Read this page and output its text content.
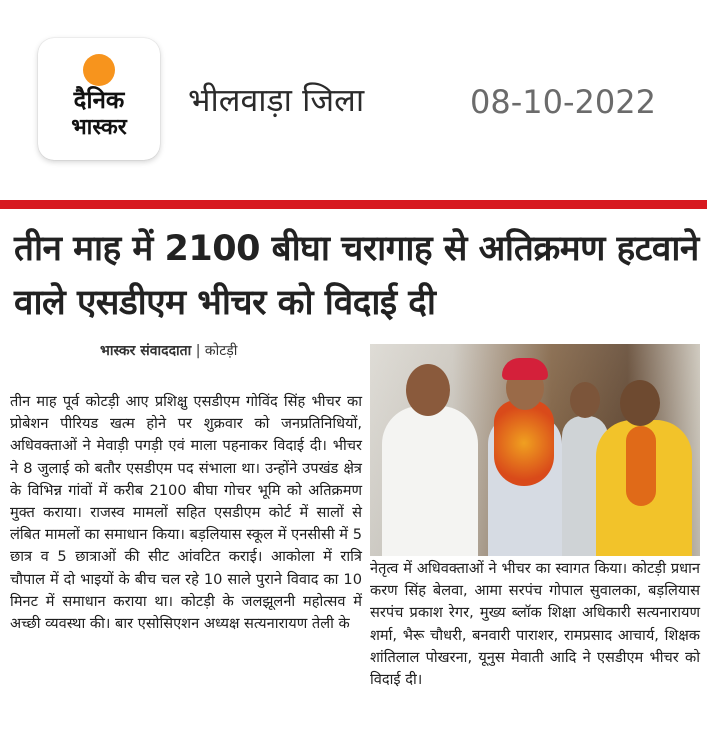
दैनिक
भास्कर
भीलवाड़ा जिला	08-10-2022
तीन माह में 2100 बीघा चरागाह से अतिक्रमण हटवाने वाले एसडीएम भीचर को विदाई दी
भास्कर संवाददाता | कोटड़ी
तीन माह पूर्व कोटड़ी आए प्रशिक्षु एसडीएम गोविंद सिंह भीचर का प्रोबेशन पीरियड खत्म होने पर शुक्रवार को जनप्रतिनिधियों, अधिवक्ताओं ने मेवाड़ी पगड़ी एवं माला पहनाकर विदाई दी। भीचर ने 8 जुलाई को बतौर एसडीएम पद संभाला था। उन्होंने उपखंड क्षेत्र के विभिन्न गांवों में करीब 2100 बीघा गोचर भूमि को अतिक्रमण मुक्त कराया। राजस्व मामलों सहित एसडीएम कोर्ट में सालों से लंबित मामलों का समाधान किया। बड़लियास स्कूल में एनसीसी में 5 छात्र व 5 छात्राओं की सीट आंवटित कराई। आकोला में रात्रि चौपाल में दो भाइयों के बीच चल रहे 10 साले पुराने विवाद का 10 मिनट में समाधान कराया था। कोटड़ी के जलझूलनी महोत्सव में अच्छी व्यवस्था की। बार एसोसिएशन अध्यक्ष सत्यनारायण तेली के
नेतृत्व में अधिवक्ताओं ने भीचर का स्वागत किया। कोटड़ी प्रधान करण सिंह बेलवा, आमा सरपंच गोपाल सुवालका, बड़लियास सरपंच प्रकाश रेगर, मुख्य ब्लॉक शिक्षा अधिकारी सत्यनारायण शर्मा, भैरू चौधरी, बनवारी पाराशर, रामप्रसाद आचार्य, शिक्षक शांतिलाल पोखरना, यूनुस मेवाती आदि ने एसडीएम भीचर को विदाई दी।
